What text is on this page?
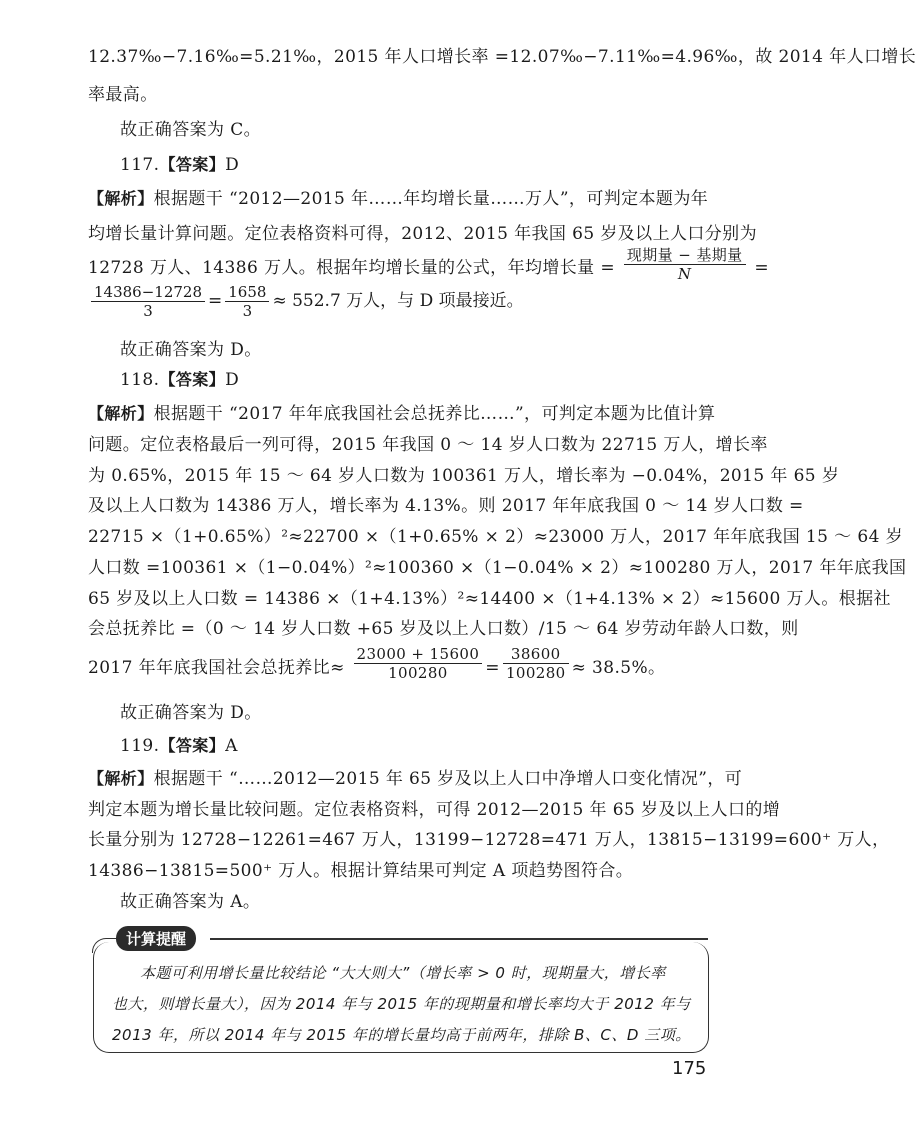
12.37‰−7.16‰=5.21‰，2015 年人口增长率 =12.07‰−7.11‰=4.96‰，故 2014 年人口增长
率最高。
故正确答案为 C。
117.【答案】D
【解析】根据题干 “2012—2015 年……年均增长量……万人”，可判定本题为年
均增长量计算问题。定位表格资料可得，2012、2015 年我国 65 岁及以上人口分别为
12728 万人、14386 万人。根据年均增长量的公式，年均增长量 = $\frac{\text{现期量 − 基期量}}{N}$ =
$\frac{14386-12728}{3} = \frac{1658}{3} \approx 552.7$ 万人，与 D 项最接近。
故正确答案为 D。
118.【答案】D
【解析】根据题干 “2017 年年底我国社会总抚养比……”，可判定本题为比值计算
问题。定位表格最后一列可得，2015 年我国 0 ～ 14 岁人口数为 22715 万人，增长率
为 0.65%，2015 年 15 ～ 64 岁人口数为 100361 万人，增长率为 −0.04%，2015 年 65 岁
及以上人口数为 14386 万人，增长率为 4.13%。则 2017 年年底我国 0 ～ 14 岁人口数 =
22715 ×（1+0.65%）²≈22700 ×（1+0.65% × 2）≈23000 万人，2017 年年底我国 15 ～ 64 岁
人口数 =100361 ×（1−0.04%）²≈100360 ×（1−0.04% × 2）≈100280 万人，2017 年年底我国
65 岁及以上人口数 = 14386 ×（1+4.13%）²≈14400 ×（1+4.13% × 2）≈15600 万人。根据社
会总抚养比 =（0 ～ 14 岁人口数 +65 岁及以上人口数）/15 ～ 64 岁劳动年龄人口数，则
2017 年年底我国社会总抚养比≈ $\frac{23000 + 15600}{100280} = \frac{38600}{100280} \approx 38.5\%$。
故正确答案为 D。
119.【答案】A
【解析】根据题干 “……2012—2015 年 65 岁及以上人口中净增人口变化情况”，可
判定本题为增长量比较问题。定位表格资料，可得 2012—2015 年 65 岁及以上人口的增
长量分别为 12728−12261=467 万人，13199−12728=471 万人，13815−13199=600⁺ 万人，
14386−13815=500⁺ 万人。根据计算结果可判定 A 项趋势图符合。
故正确答案为 A。
计算提醒
本题可利用增长量比较结论 “大大则大”（增长率 > 0 时，现期量大，增长率
也大，则增长量大），因为 2014 年与 2015 年的现期量和增长率均大于 2012 年与
2013 年，所以 2014 年与 2015 年的增长量均高于前两年，排除 B、C、D 三项。
175
